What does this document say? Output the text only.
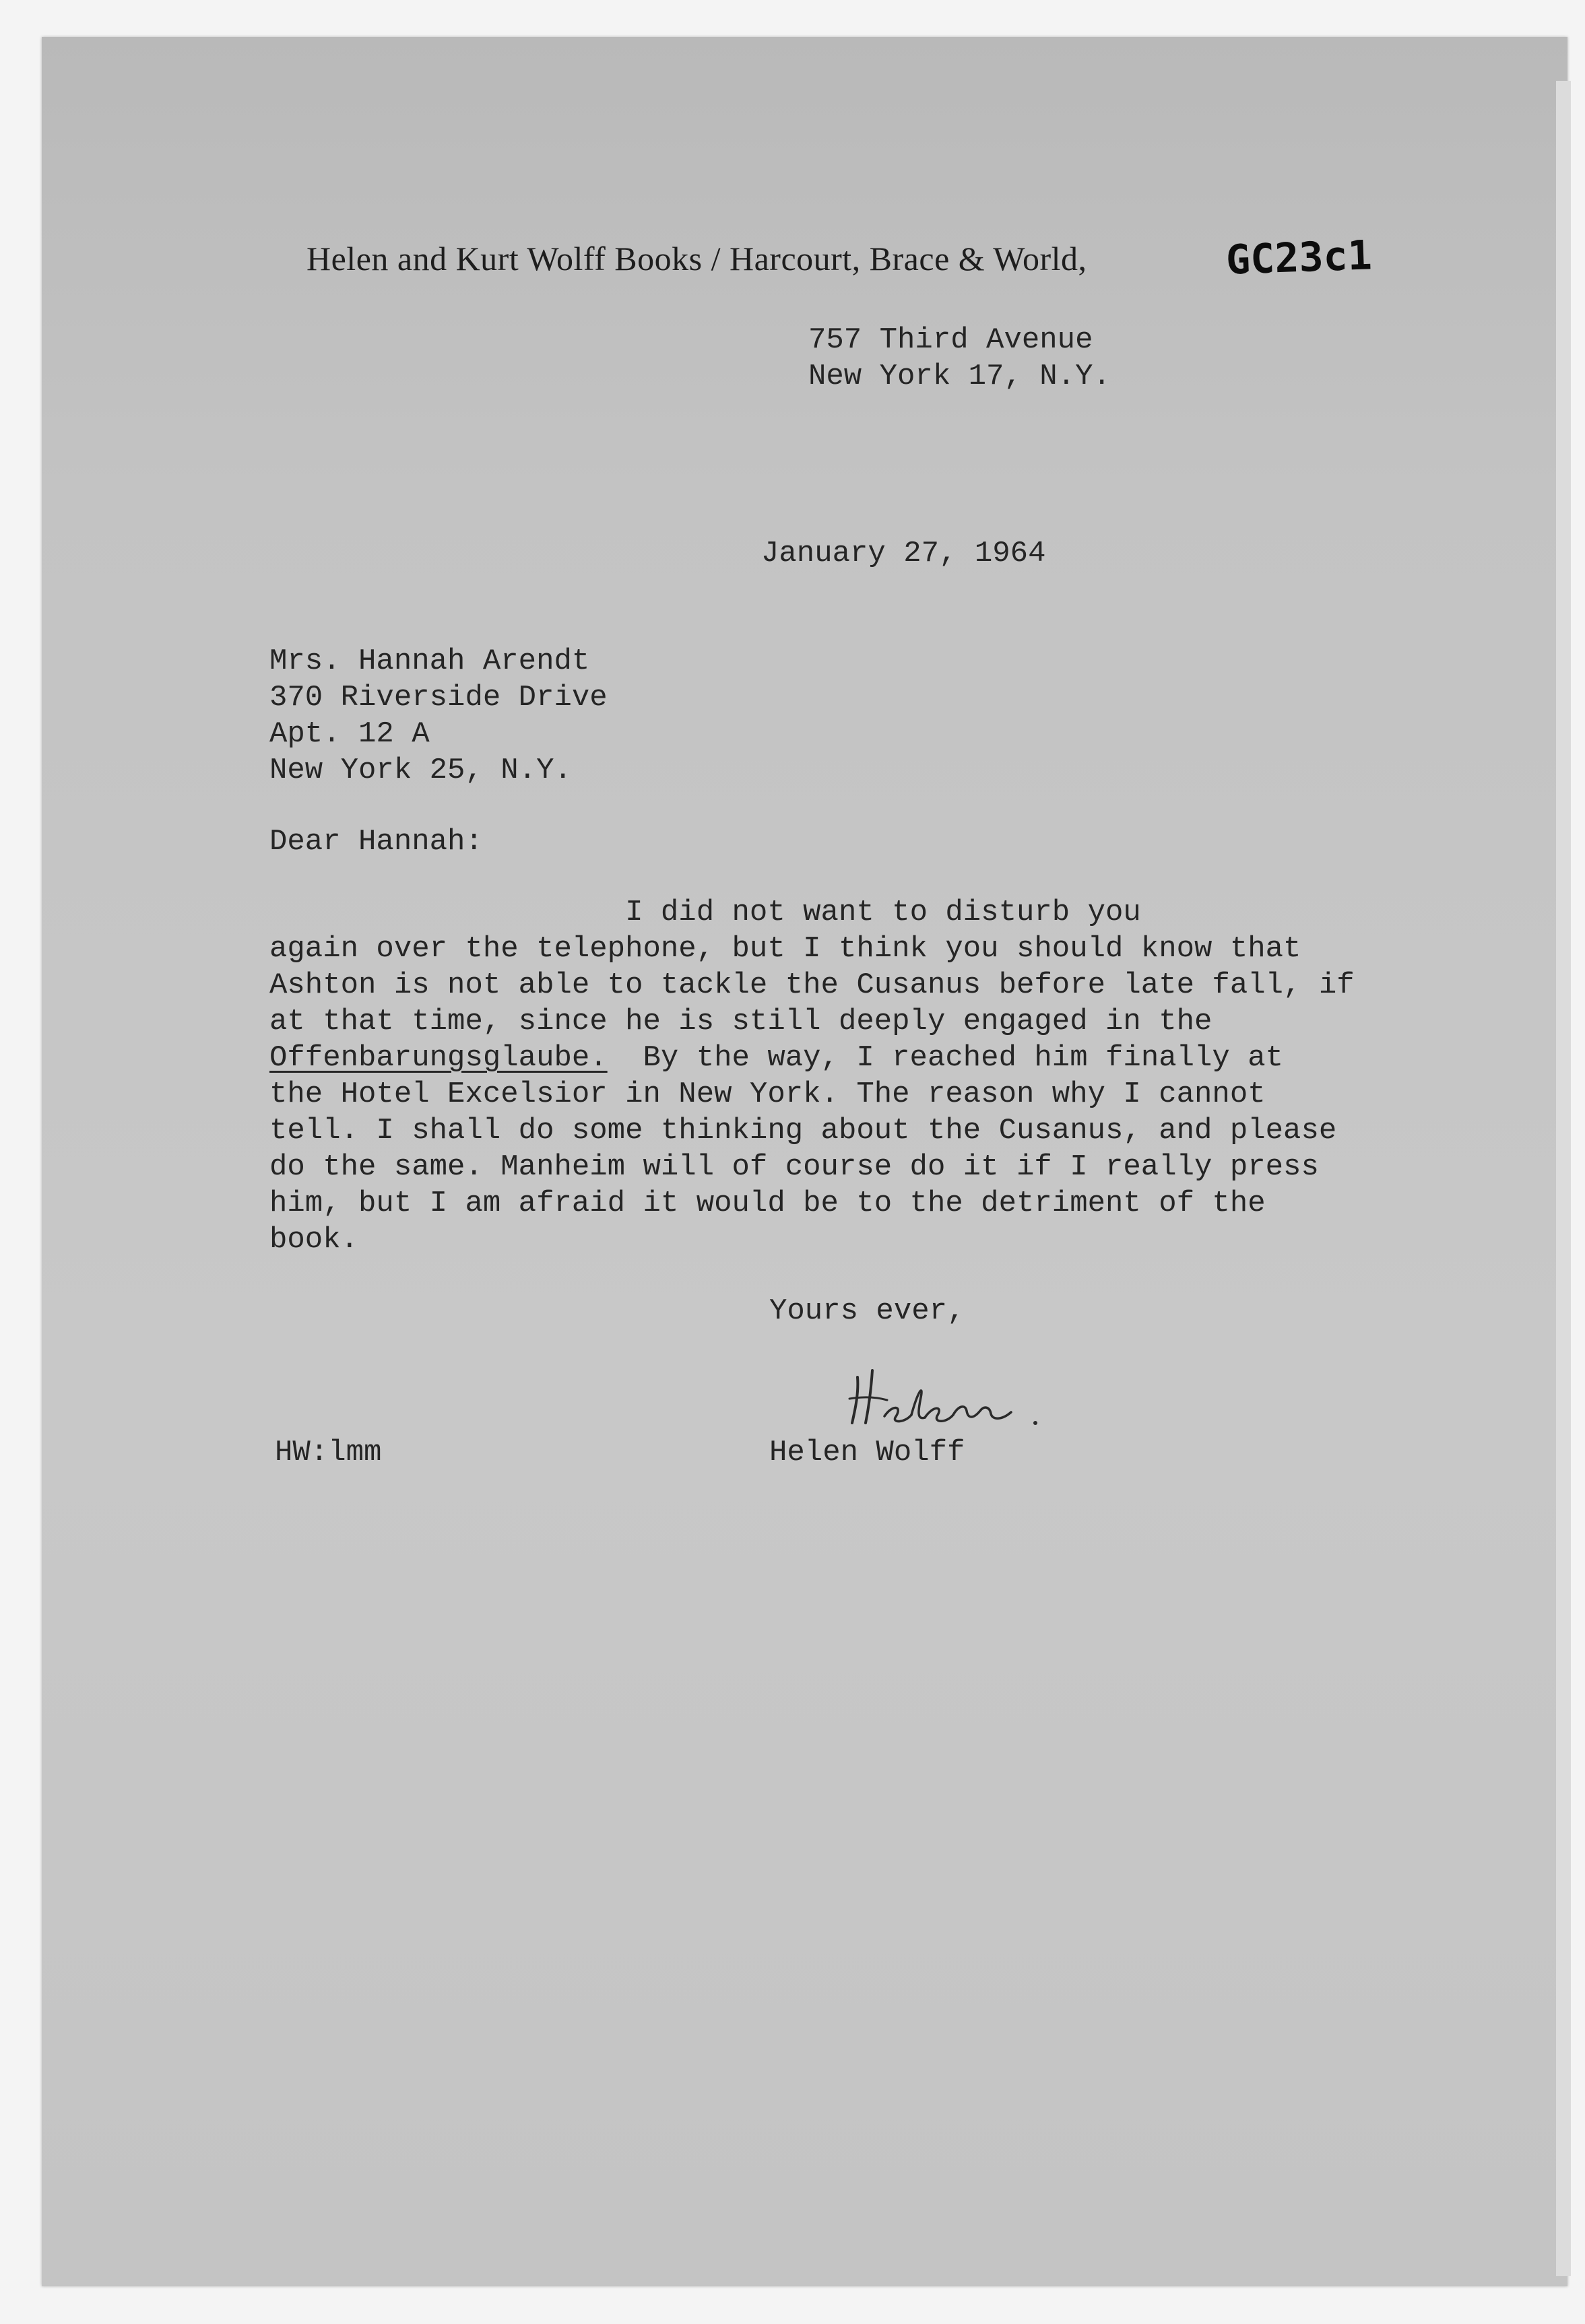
Helen and Kurt Wolff Books / Harcourt, Brace & World,	GC23c1
757 Third Avenue
New York 17, N.Y.
January 27, 1964
Mrs. Hannah Arendt
370 Riverside Drive
Apt. 12 A
New York 25, N.Y.
Dear Hannah:
I did not want to disturb you
again over the telephone, but I think you should know that
Ashton is not able to tackle the Cusanus before late fall, if
at that time, since he is still deeply engaged in the
Offenbarungsglaube.  By the way, I reached him finally at
the Hotel Excelsior in New York. The reason why I cannot
tell. I shall do some thinking about the Cusanus, and please
do the same. Manheim will of course do it if I really press
him, but I am afraid it would be to the detriment of the
book.
Yours ever,
HW:lmm	Helen Wolff
